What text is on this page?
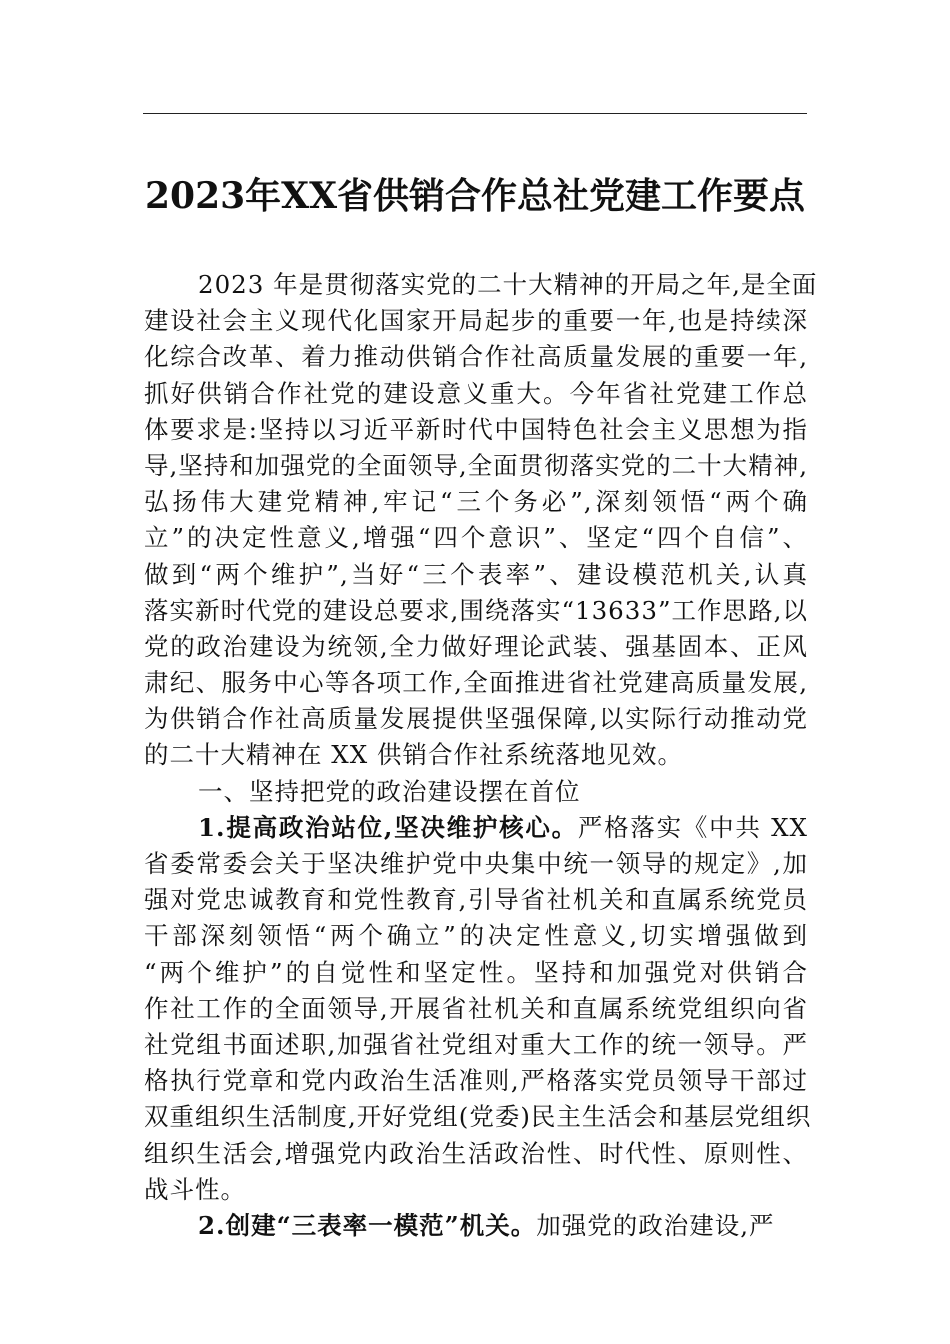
2023年XX省供销合作总社党建工作要点
2023 年是贯彻落实党的二十大精神的开局之年,是全面
建设社会主义现代化国家开局起步的重要一年,也是持续深
化综合改革、着力推动供销合作社高质量发展的重要一年,
抓好供销合作社党的建设意义重大。今年省社党建工作总
体要求是:坚持以习近平新时代中国特色社会主义思想为指
导,坚持和加强党的全面领导,全面贯彻落实党的二十大精神,
弘扬伟大建党精神,牢记“三个务必”,深刻领悟“两个确
立”的决定性意义,增强“四个意识”、坚定“四个自信”、
做到“两个维护”,当好“三个表率”、建设模范机关,认真
落实新时代党的建设总要求,围绕落实“13633”工作思路,以
党的政治建设为统领,全力做好理论武装、强基固本、正风
肃纪、服务中心等各项工作,全面推进省社党建高质量发展,
为供销合作社高质量发展提供坚强保障,以实际行动推动党
的二十大精神在 XX 供销合作社系统落地见效。
一、坚持把党的政治建设摆在首位
1.提高政治站位,坚决维护核心。严格落实《中共 XX
省委常委会关于坚决维护党中央集中统一领导的规定》,加
强对党忠诚教育和党性教育,引导省社机关和直属系统党员
干部深刻领悟“两个确立”的决定性意义,切实增强做到
“两个维护”的自觉性和坚定性。坚持和加强党对供销合
作社工作的全面领导,开展省社机关和直属系统党组织向省
社党组书面述职,加强省社党组对重大工作的统一领导。严
格执行党章和党内政治生活准则,严格落实党员领导干部过
双重组织生活制度,开好党组(党委)民主生活会和基层党组织
组织生活会,增强党内政治生活政治性、时代性、原则性、
战斗性。
2.创建“三表率一模范”机关。加强党的政治建设,严
